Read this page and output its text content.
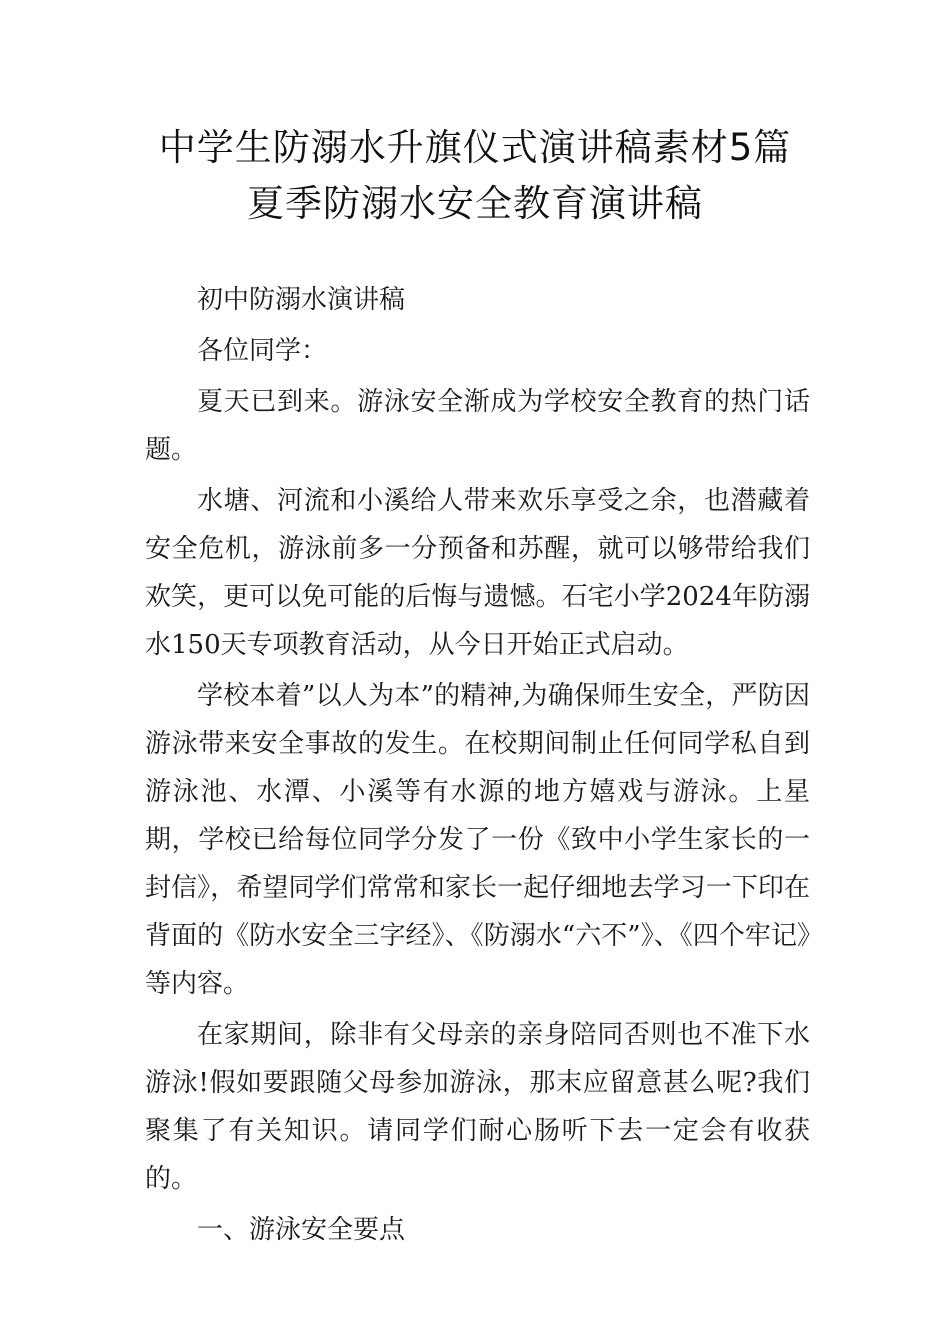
中学生防溺水升旗仪式演讲稿素材5篇
夏季防溺水安全教育演讲稿

初中防溺水演讲稿

各位同学：

夏天已到来。游泳安全渐成为学校安全教育的热门话题。

水塘、河流和小溪给人带来欢乐享受之余，也潜藏着安全危机，游泳前多一分预备和苏醒，就可以够带给我们欢笑，更可以免可能的后悔与遗憾。石宅小学2024年防溺水150天专项教育活动，从今日开始正式启动。

学校本着”以人为本”的精神,为确保师生安全，严防因游泳带来安全事故的发生。在校期间制止任何同学私自到游泳池、水潭、小溪等有水源的地方嬉戏与游泳。上星期，学校已给每位同学分发了一份《致中小学生家长的一封信》，希望同学们常常和家长一起仔细地去学习一下印在背面的《防水安全三字经》、《防溺水“六不”》、《四个牢记》等内容。

在家期间，除非有父母亲的亲身陪同否则也不准下水游泳!假如要跟随父母参加游泳，那末应留意甚么呢?我们聚集了有关知识。请同学们耐心肠听下去一定会有收获的。

一、游泳安全要点
